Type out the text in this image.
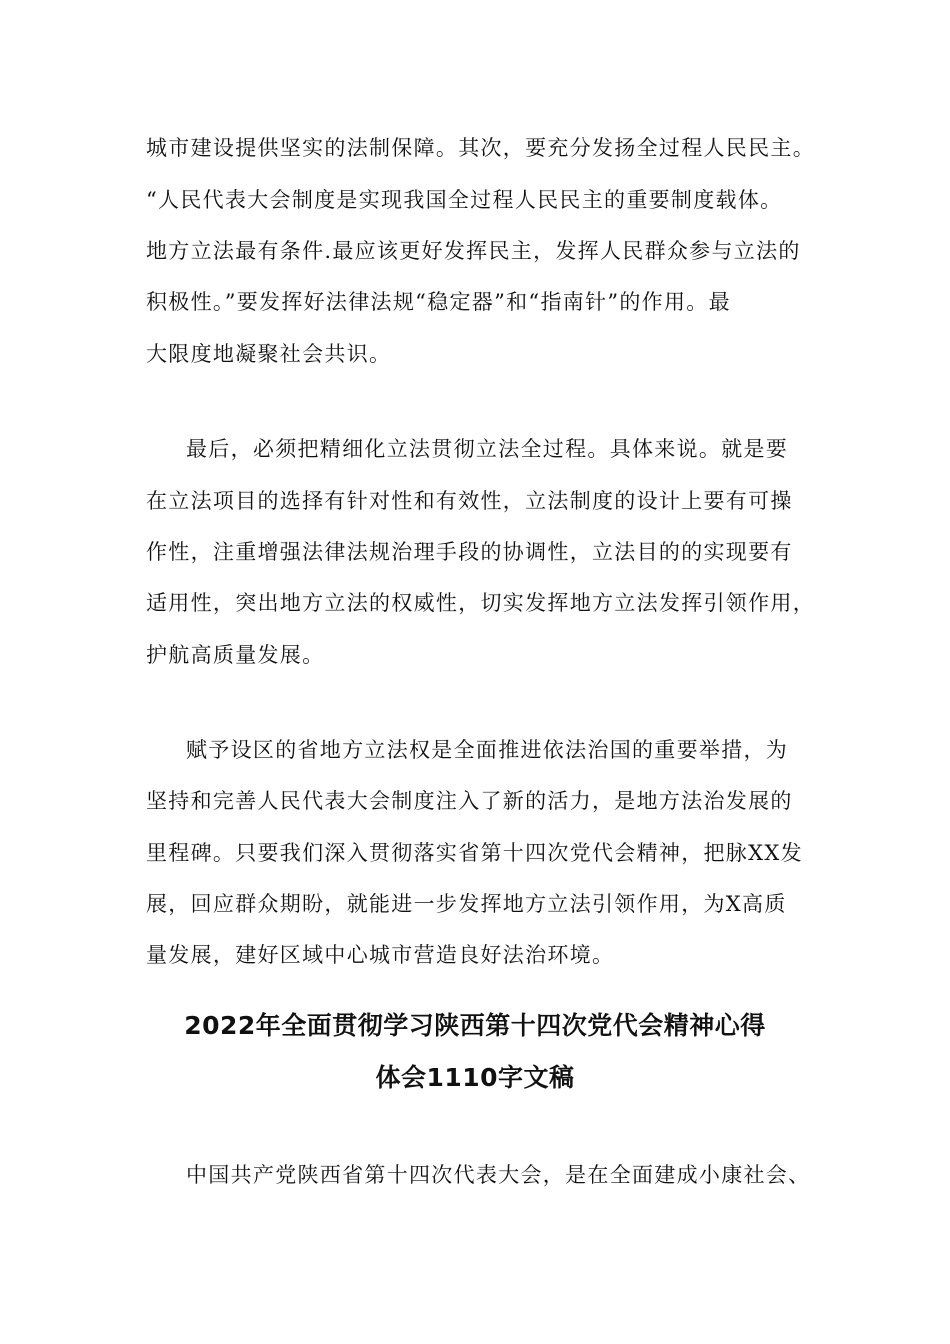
城市建设提供坚实的法制保障。其次，要充分发扬全过程人民民主。
“人民代表大会制度是实现我国全过程人民民主的重要制度载体。
地方立法最有条件.最应该更好发挥民主，发挥人民群众参与立法的
积极性。”要发挥好法律法规“稳定器”和“指南针”的作用。最
大限度地凝聚社会共识。
最后，必须把精细化立法贯彻立法全过程。具体来说。就是要
在立法项目的选择有针对性和有效性，立法制度的设计上要有可操
作性，注重增强法律法规治理手段的协调性，立法目的的实现要有
适用性，突出地方立法的权威性，切实发挥地方立法发挥引领作用，
护航高质量发展。
赋予设区的省地方立法权是全面推进依法治国的重要举措，为
坚持和完善人民代表大会制度注入了新的活力，是地方法治发展的
里程碑。只要我们深入贯彻落实省第十四次党代会精神，把脉XX发
展，回应群众期盼，就能进一步发挥地方立法引领作用，为X高质
量发展，建好区域中心城市营造良好法治环境。
2022年全面贯彻学习陕西第十四次党代会精神心得
体会1110字文稿
中国共产党陕西省第十四次代表大会，是在全面建成小康社会、
